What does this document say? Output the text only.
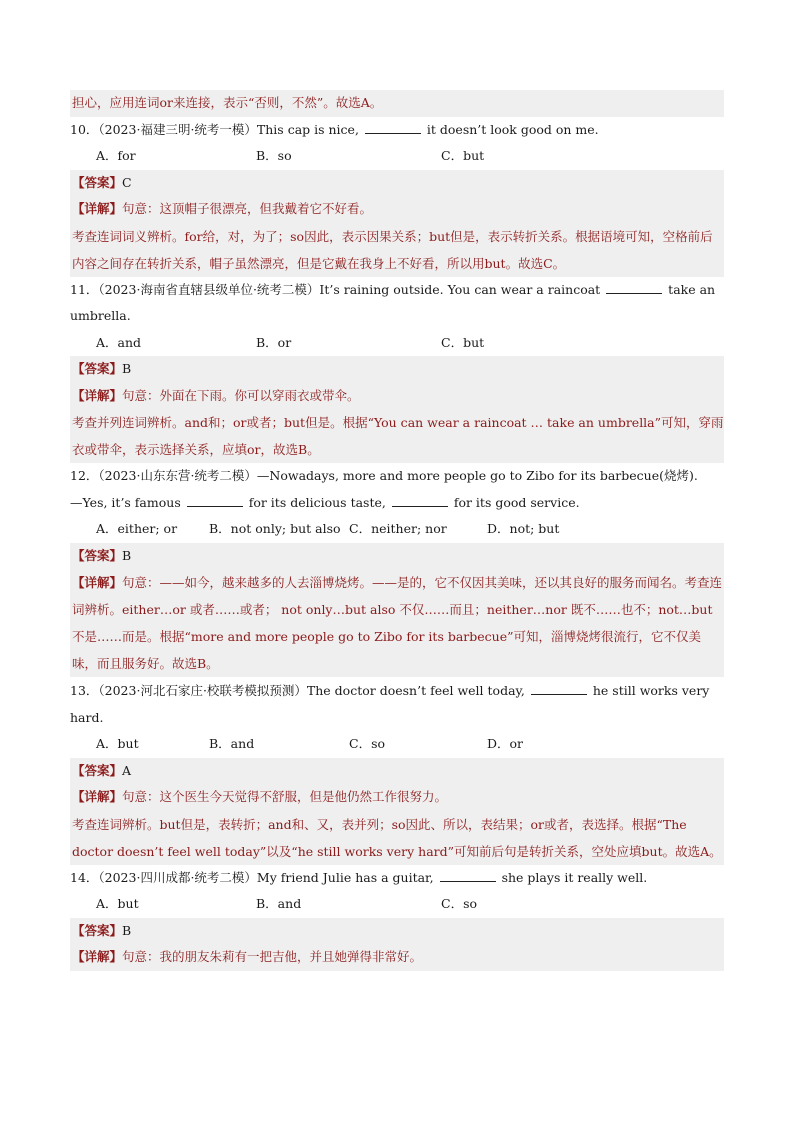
担心，应用连词or来连接，表示“否则，不然”。故选A。
10．（2023·福建三明·统考一模）This cap is nice,	it doesn’t look good on me.
A．for	B．so	C．but
【答案】C
【详解】句意：这顶帽子很漂亮，但我戴着它不好看。
考查连词词义辨析。for给，对，为了；so因此，表示因果关系；but但是，表示转折关系。根据语境可知，空格前后内容之间存在转折关系，帽子虽然漂亮，但是它戴在我身上不好看，所以用but。故选C。
11．（2023·海南省直辖县级单位·统考二模）It’s raining outside. You can wear a raincoat	take an umbrella.
A．and	B．or	C．but
【答案】B
【详解】句意：外面在下雨。你可以穿雨衣或带伞。
考查并列连词辨析。and和；or或者；but但是。根据“You can wear a raincoat … take an umbrella”可知，穿雨衣或带伞，表示选择关系，应填or，故选B。
12．（2023·山东东营·统考二模）—Nowadays, more and more people go to Zibo for its barbecue(烧烤).
—Yes, it’s famous	for its delicious taste,	for its good service.
A．either; or	B．not only; but also C．neither; nor	D．not; but
【答案】B
【详解】句意：——如今，越来越多的人去淄博烧烤。——是的，它不仅因其美味，还以其良好的服务而闻名。考查连词辨析。either…or 或者……或者； not only…but also 不仅……而且；neither…nor 既不……也不；not…but 不是……而是。根据“more and more people go to Zibo for its barbecue”可知，淄博烧烤很流行，它不仅美味，而且服务好。故选B。
13．（2023·河北石家庄·校联考模拟预测）The doctor doesn’t feel well today,	he still works very hard.
A．but	B．and	C．so	D．or
【答案】A
【详解】句意：这个医生今天觉得不舒服，但是他仍然工作很努力。
考查连词辨析。but但是，表转折；and和、又，表并列；so因此、所以，表结果；or或者，表选择。根据“The doctor doesn’t feel well today”以及“he still works very hard”可知前后句是转折关系，空处应填but。故选A。
14．（2023·四川成都·统考二模）My friend Julie has a guitar,	she plays it really well.
A．but	B．and	C．so
【答案】B
【详解】句意：我的朋友朱莉有一把吉他，并且她弹得非常好。
